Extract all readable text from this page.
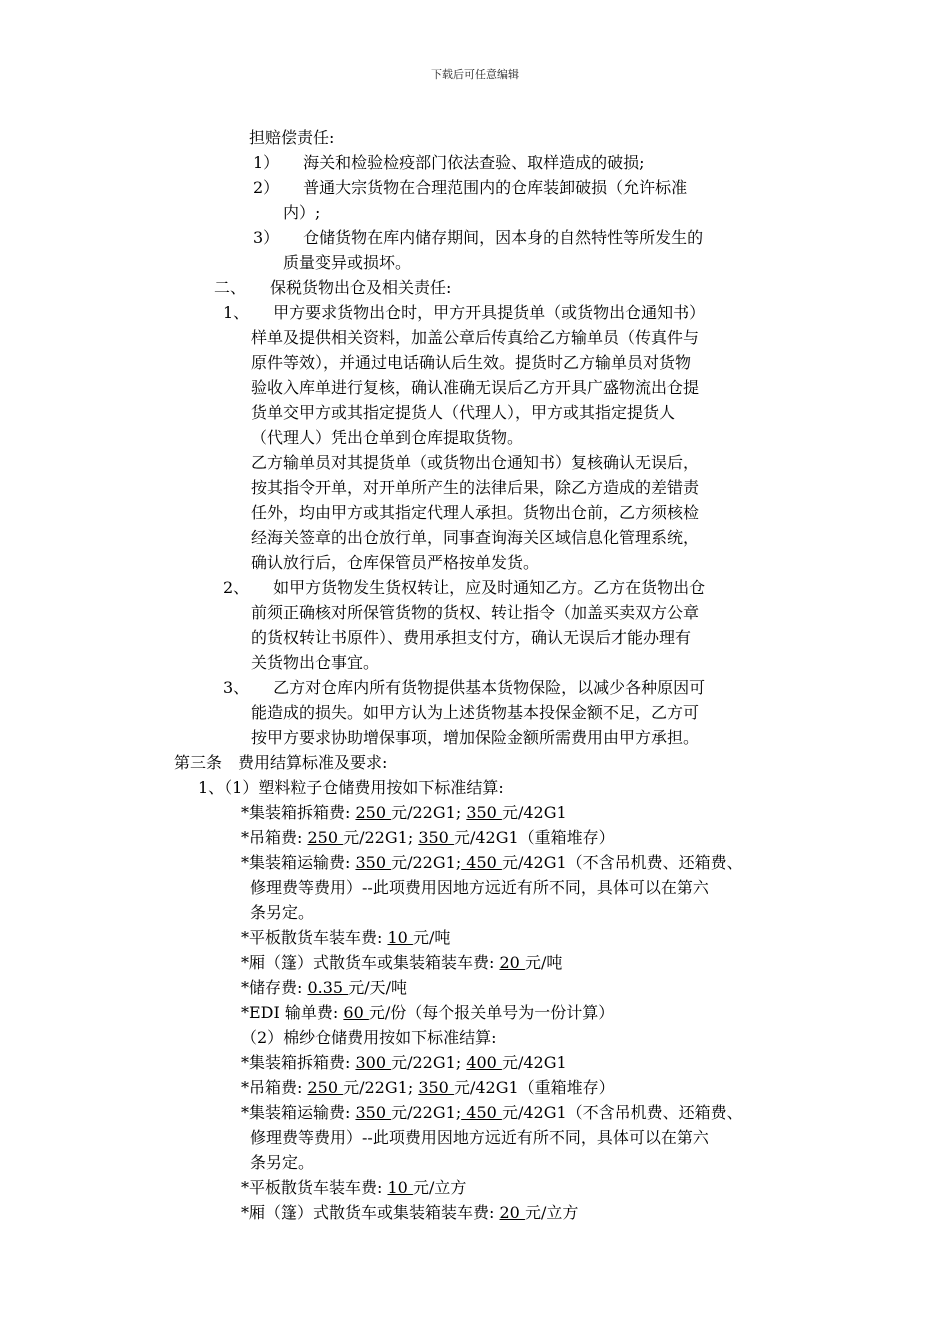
下载后可任意编辑
担赔偿责任:
1）　　海关和检验检疫部门依法查验、取样造成的破损;
2）　　普通大宗货物在合理范围内的仓库装卸破损（允许标准
内）;
3）　　仓储货物在库内储存期间，因本身的自然特性等所发生的
质量变异或损坏。
二、　　保税货物出仓及相关责任:
1、　　甲方要求货物出仓时，甲方开具提货单（或货物出仓通知书）
样单及提供相关资料，加盖公章后传真给乙方输单员（传真件与
原件等效），并通过电话确认后生效。提货时乙方输单员对货物
验收入库单进行复核，确认准确无误后乙方开具广盛物流出仓提
货单交甲方或其指定提货人（代理人），甲方或其指定提货人
（代理人）凭出仓单到仓库提取货物。
乙方输单员对其提货单（或货物出仓通知书）复核确认无误后，
按其指令开单，对开单所产生的法律后果，除乙方造成的差错责
任外，均由甲方或其指定代理人承担。货物出仓前，乙方须核检
经海关签章的出仓放行单，同事查询海关区域信息化管理系统，
确认放行后，仓库保管员严格按单发货。
2、　　如甲方货物发生货权转让，应及时通知乙方。乙方在货物出仓
前须正确核对所保管货物的货权、转让指令（加盖买卖双方公章
的货权转让书原件）、费用承担支付方，确认无误后才能办理有
关货物出仓事宜。
3、　　乙方对仓库内所有货物提供基本货物保险，以减少各种原因可
能造成的损失。如甲方认为上述货物基本投保金额不足，乙方可
按甲方要求协助增保事项，增加保险金额所需费用由甲方承担。
第三条　费用结算标准及要求:
1、（1）塑料粒子仓储费用按如下标准结算:
*集装箱拆箱费: 250 元/22G1; 350 元/42G1
*吊箱费: 250 元/22G1; 350 元/42G1（重箱堆存）
*集装箱运输费: 350 元/22G1; 450 元/42G1（不含吊机费、还箱费、
修理费等费用）--此项费用因地方远近有所不同，具体可以在第六
条另定。
*平板散货车装车费: 10 元/吨
*厢（篷）式散货车或集装箱装车费: 20 元/吨
*储存费: 0.35 元/天/吨
*EDI 输单费: 60 元/份（每个报关单号为一份计算）
（2）棉纱仓储费用按如下标准结算:
*集装箱拆箱费: 300 元/22G1; 400 元/42G1
*吊箱费: 250 元/22G1; 350 元/42G1（重箱堆存）
*集装箱运输费: 350 元/22G1; 450 元/42G1（不含吊机费、还箱费、
修理费等费用）--此项费用因地方远近有所不同，具体可以在第六
条另定。
*平板散货车装车费: 10 元/立方
*厢（篷）式散货车或集装箱装车费: 20 元/立方
